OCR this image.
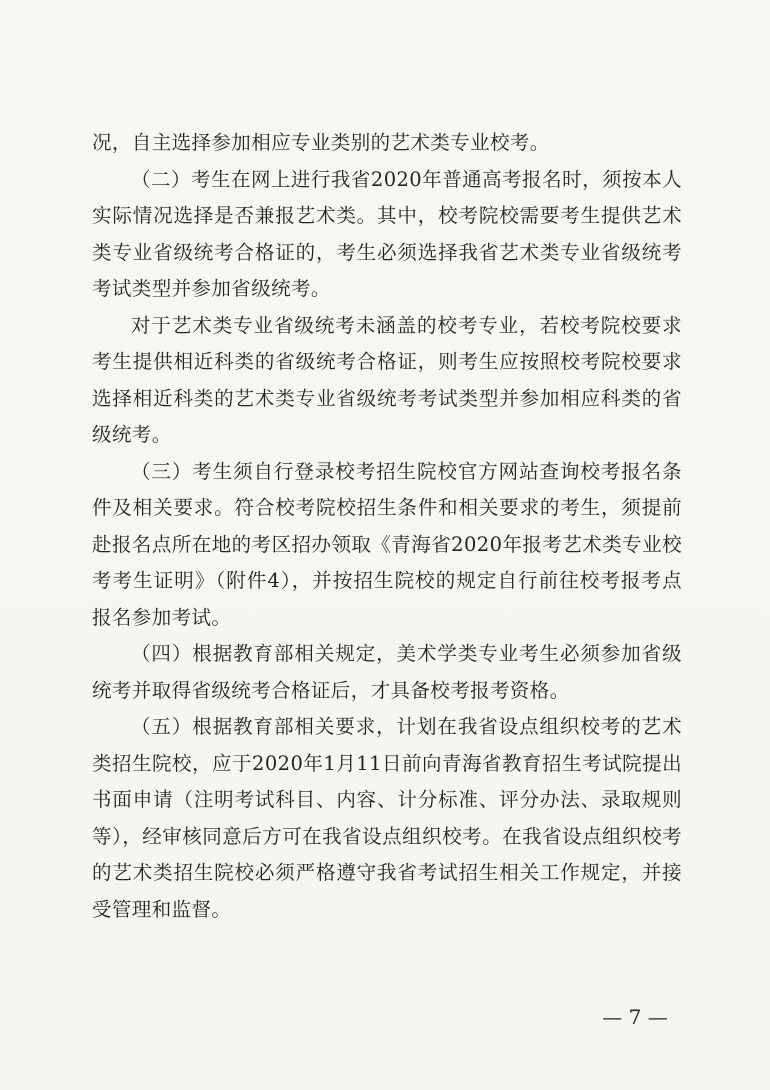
况，自主选择参加相应专业类别的艺术类专业校考。

（二）考生在网上进行我省2020年普通高考报名时，须按本人实际情况选择是否兼报艺术类。其中，校考院校需要考生提供艺术类专业省级统考合格证的，考生必须选择我省艺术类专业省级统考考试类型并参加省级统考。

对于艺术类专业省级统考未涵盖的校考专业，若校考院校要求考生提供相近科类的省级统考合格证，则考生应按照校考院校要求选择相近科类的艺术类专业省级统考考试类型并参加相应科类的省级统考。

（三）考生须自行登录校考招生院校官方网站查询校考报名条件及相关要求。符合校考院校招生条件和相关要求的考生，须提前赴报名点所在地的考区招办领取《青海省2020年报考艺术类专业校考考生证明》（附件4），并按招生院校的规定自行前往校考报考点报名参加考试。

（四）根据教育部相关规定，美术学类专业考生必须参加省级统考并取得省级统考合格证后，才具备校考报考资格。

（五）根据教育部相关要求，计划在我省设点组织校考的艺术类招生院校，应于2020年1月11日前向青海省教育招生考试院提出书面申请（注明考试科目、内容、计分标准、评分办法、录取规则等），经审核同意后方可在我省设点组织校考。在我省设点组织校考的艺术类招生院校必须严格遵守我省考试招生相关工作规定，并接受管理和监督。

— 7 —
